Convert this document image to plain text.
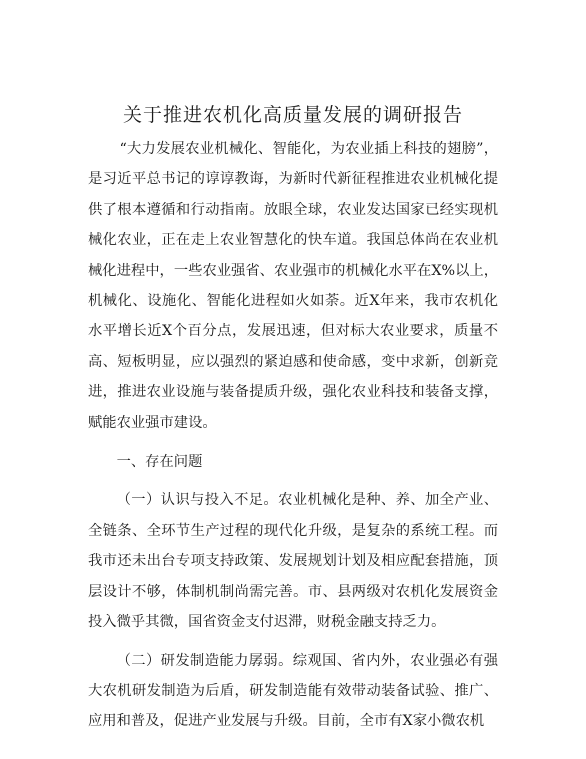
关于推进农机化高质量发展的调研报告

“大力发展农业机械化、智能化，为农业插上科技的翅膀”，是习近平总书记的谆谆教诲，为新时代新征程推进农业机械化提供了根本遵循和行动指南。放眼全球，农业发达国家已经实现机械化农业，正在走上农业智慧化的快车道。我国总体尚在农业机械化进程中，一些农业强省、农业强市的机械化水平在X%以上，机械化、设施化、智能化进程如火如荼。近X年来，我市农机化水平增长近X个百分点，发展迅速，但对标大农业要求，质量不高、短板明显，应以强烈的紧迫感和使命感，变中求新，创新竞进，推进农业设施与装备提质升级，强化农业科技和装备支撑，赋能农业强市建设。

一、存在问题

（一）认识与投入不足。农业机械化是种、养、加全产业、全链条、全环节生产过程的现代化升级，是复杂的系统工程。而我市还未出台专项支持政策、发展规划计划及相应配套措施，顶层设计不够，体制机制尚需完善。市、县两级对农机化发展资金投入微乎其微，国省资金支付迟滞，财税金融支持乏力。

（二）研发制造能力孱弱。综观国、省内外，农业强必有强大农机研发制造为后盾，研发制造能有效带动装备试验、推广、应用和普及，促进产业发展与升级。目前，全市有X家小微农机
